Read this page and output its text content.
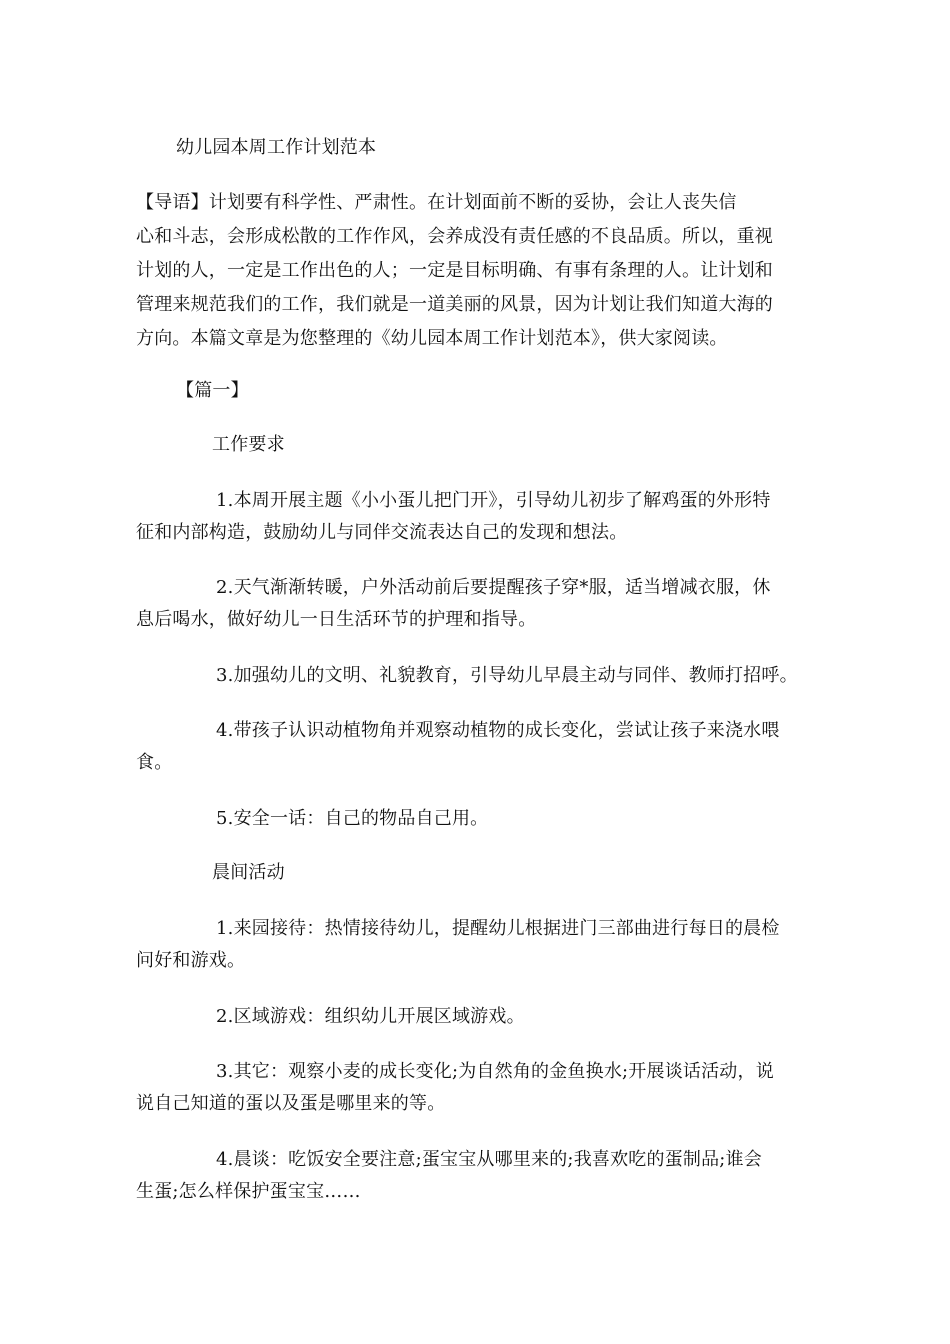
幼儿园本周工作计划范本
【导语】计划要有科学性、严肃性。在计划面前不断的妥协，会让人丧失信
心和斗志，会形成松散的工作作风，会养成没有责任感的不良品质。所以，重视
计划的人，一定是工作出色的人；一定是目标明确、有事有条理的人。让计划和
管理来规范我们的工作，我们就是一道美丽的风景，因为计划让我们知道大海的
方向。本篇文章是为您整理的《幼儿园本周工作计划范本》，供大家阅读。
【篇一】
工作要求
1.本周开展主题《小小蛋儿把门开》，引导幼儿初步了解鸡蛋的外形特
征和内部构造，鼓励幼儿与同伴交流表达自己的发现和想法。
2.天气渐渐转暖，户外活动前后要提醒孩子穿*服，适当增减衣服，休
息后喝水，做好幼儿一日生活环节的护理和指导。
3.加强幼儿的文明、礼貌教育，引导幼儿早晨主动与同伴、教师打招呼。
4.带孩子认识动植物角并观察动植物的成长变化，尝试让孩子来浇水喂
食。
5.安全一话：自己的物品自己用。
晨间活动
1.来园接待：热情接待幼儿，提醒幼儿根据进门三部曲进行每日的晨检
问好和游戏。
2.区域游戏：组织幼儿开展区域游戏。
3.其它：观察小麦的成长变化;为自然角的金鱼换水;开展谈话活动，说
说自己知道的蛋以及蛋是哪里来的等。
4.晨谈：吃饭安全要注意;蛋宝宝从哪里来的;我喜欢吃的蛋制品;谁会
生蛋;怎么样保护蛋宝宝……
